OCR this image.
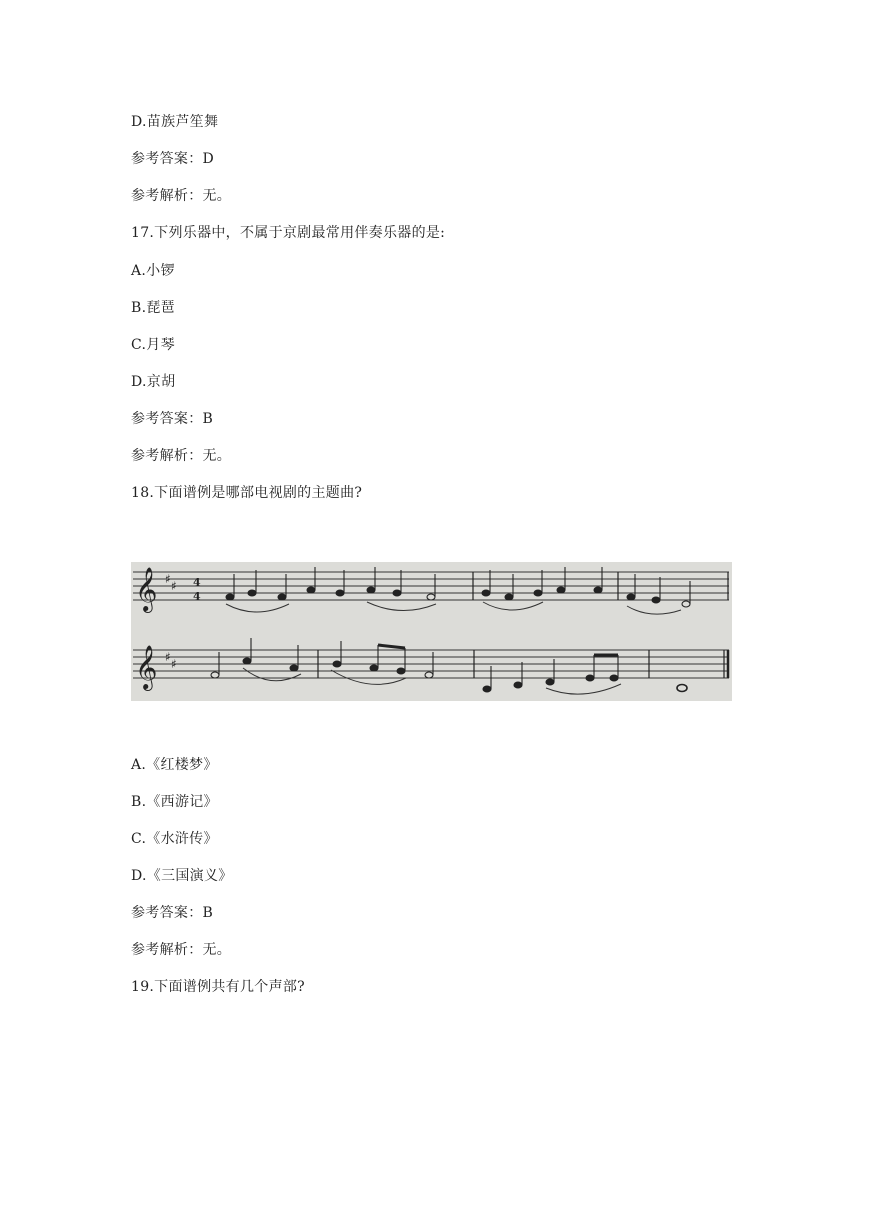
D.苗族芦笙舞
参考答案：D
参考解析：无。
17.下列乐器中，不属于京剧最常用伴奏乐器的是:
A.小锣
B.琵琶
C.月琴
D.京胡
参考答案：B
参考解析：无。
18.下面谱例是哪部电视剧的主题曲?
𝄞
𝄞
♯ ♯
♯ ♯
4
4
A.《红楼梦》
B.《西游记》
C.《水浒传》
D.《三国演义》
参考答案：B
参考解析：无。
19.下面谱例共有几个声部?
